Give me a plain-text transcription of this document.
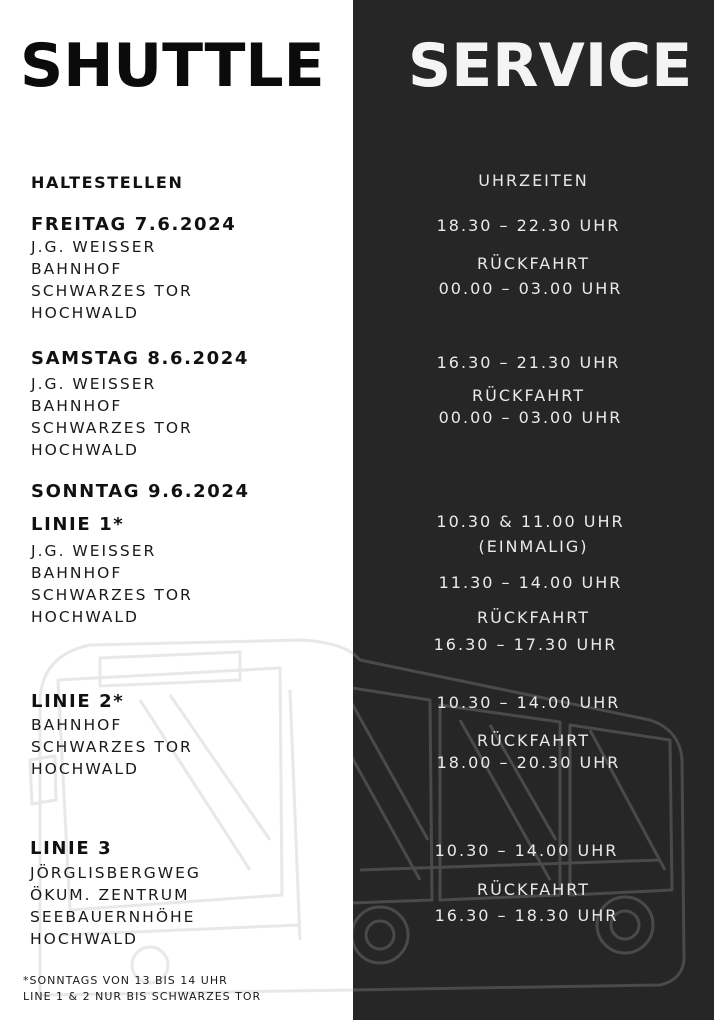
SHUTTLE SERVICE

HALTESTELLEN	UHRZEITEN

FREITAG 7.6.2024

J.G. WEISSER

BAHNHOF

SCHWARZES TOR

HOCHWALD

18.30 – 22.30 UHR

RÜCKFAHRT

00.00 – 03.00 UHR

SAMSTAG 8.6.2024

J.G. WEISSER

BAHNHOF

SCHWARZES TOR

HOCHWALD

16.30 – 21.30 UHR

RÜCKFAHRT

00.00 – 03.00 UHR

SONNTAG 9.6.2024

LINIE 1*

J.G. WEISSER

BAHNHOF

SCHWARZES TOR

HOCHWALD

10.30 & 11.00 UHR

(EINMALIG)

11.30 – 14.00 UHR

RÜCKFAHRT

16.30 – 17.30 UHR

LINIE 2*

BAHNHOF

SCHWARZES TOR

HOCHWALD

10.30 – 14.00 UHR

RÜCKFAHRT

18.00 – 20.30 UHR

LINIE 3

JÖRGLISBERGWEG

ÖKUM. ZENTRUM

SEEBAUERNHÖHE

HOCHWALD

10.30 – 14.00 UHR

RÜCKFAHRT

16.30 – 18.30 UHR

*SONNTAGS VON 13 BIS 14 UHR

LINE 1 & 2 NUR BIS SCHWARZES TOR
